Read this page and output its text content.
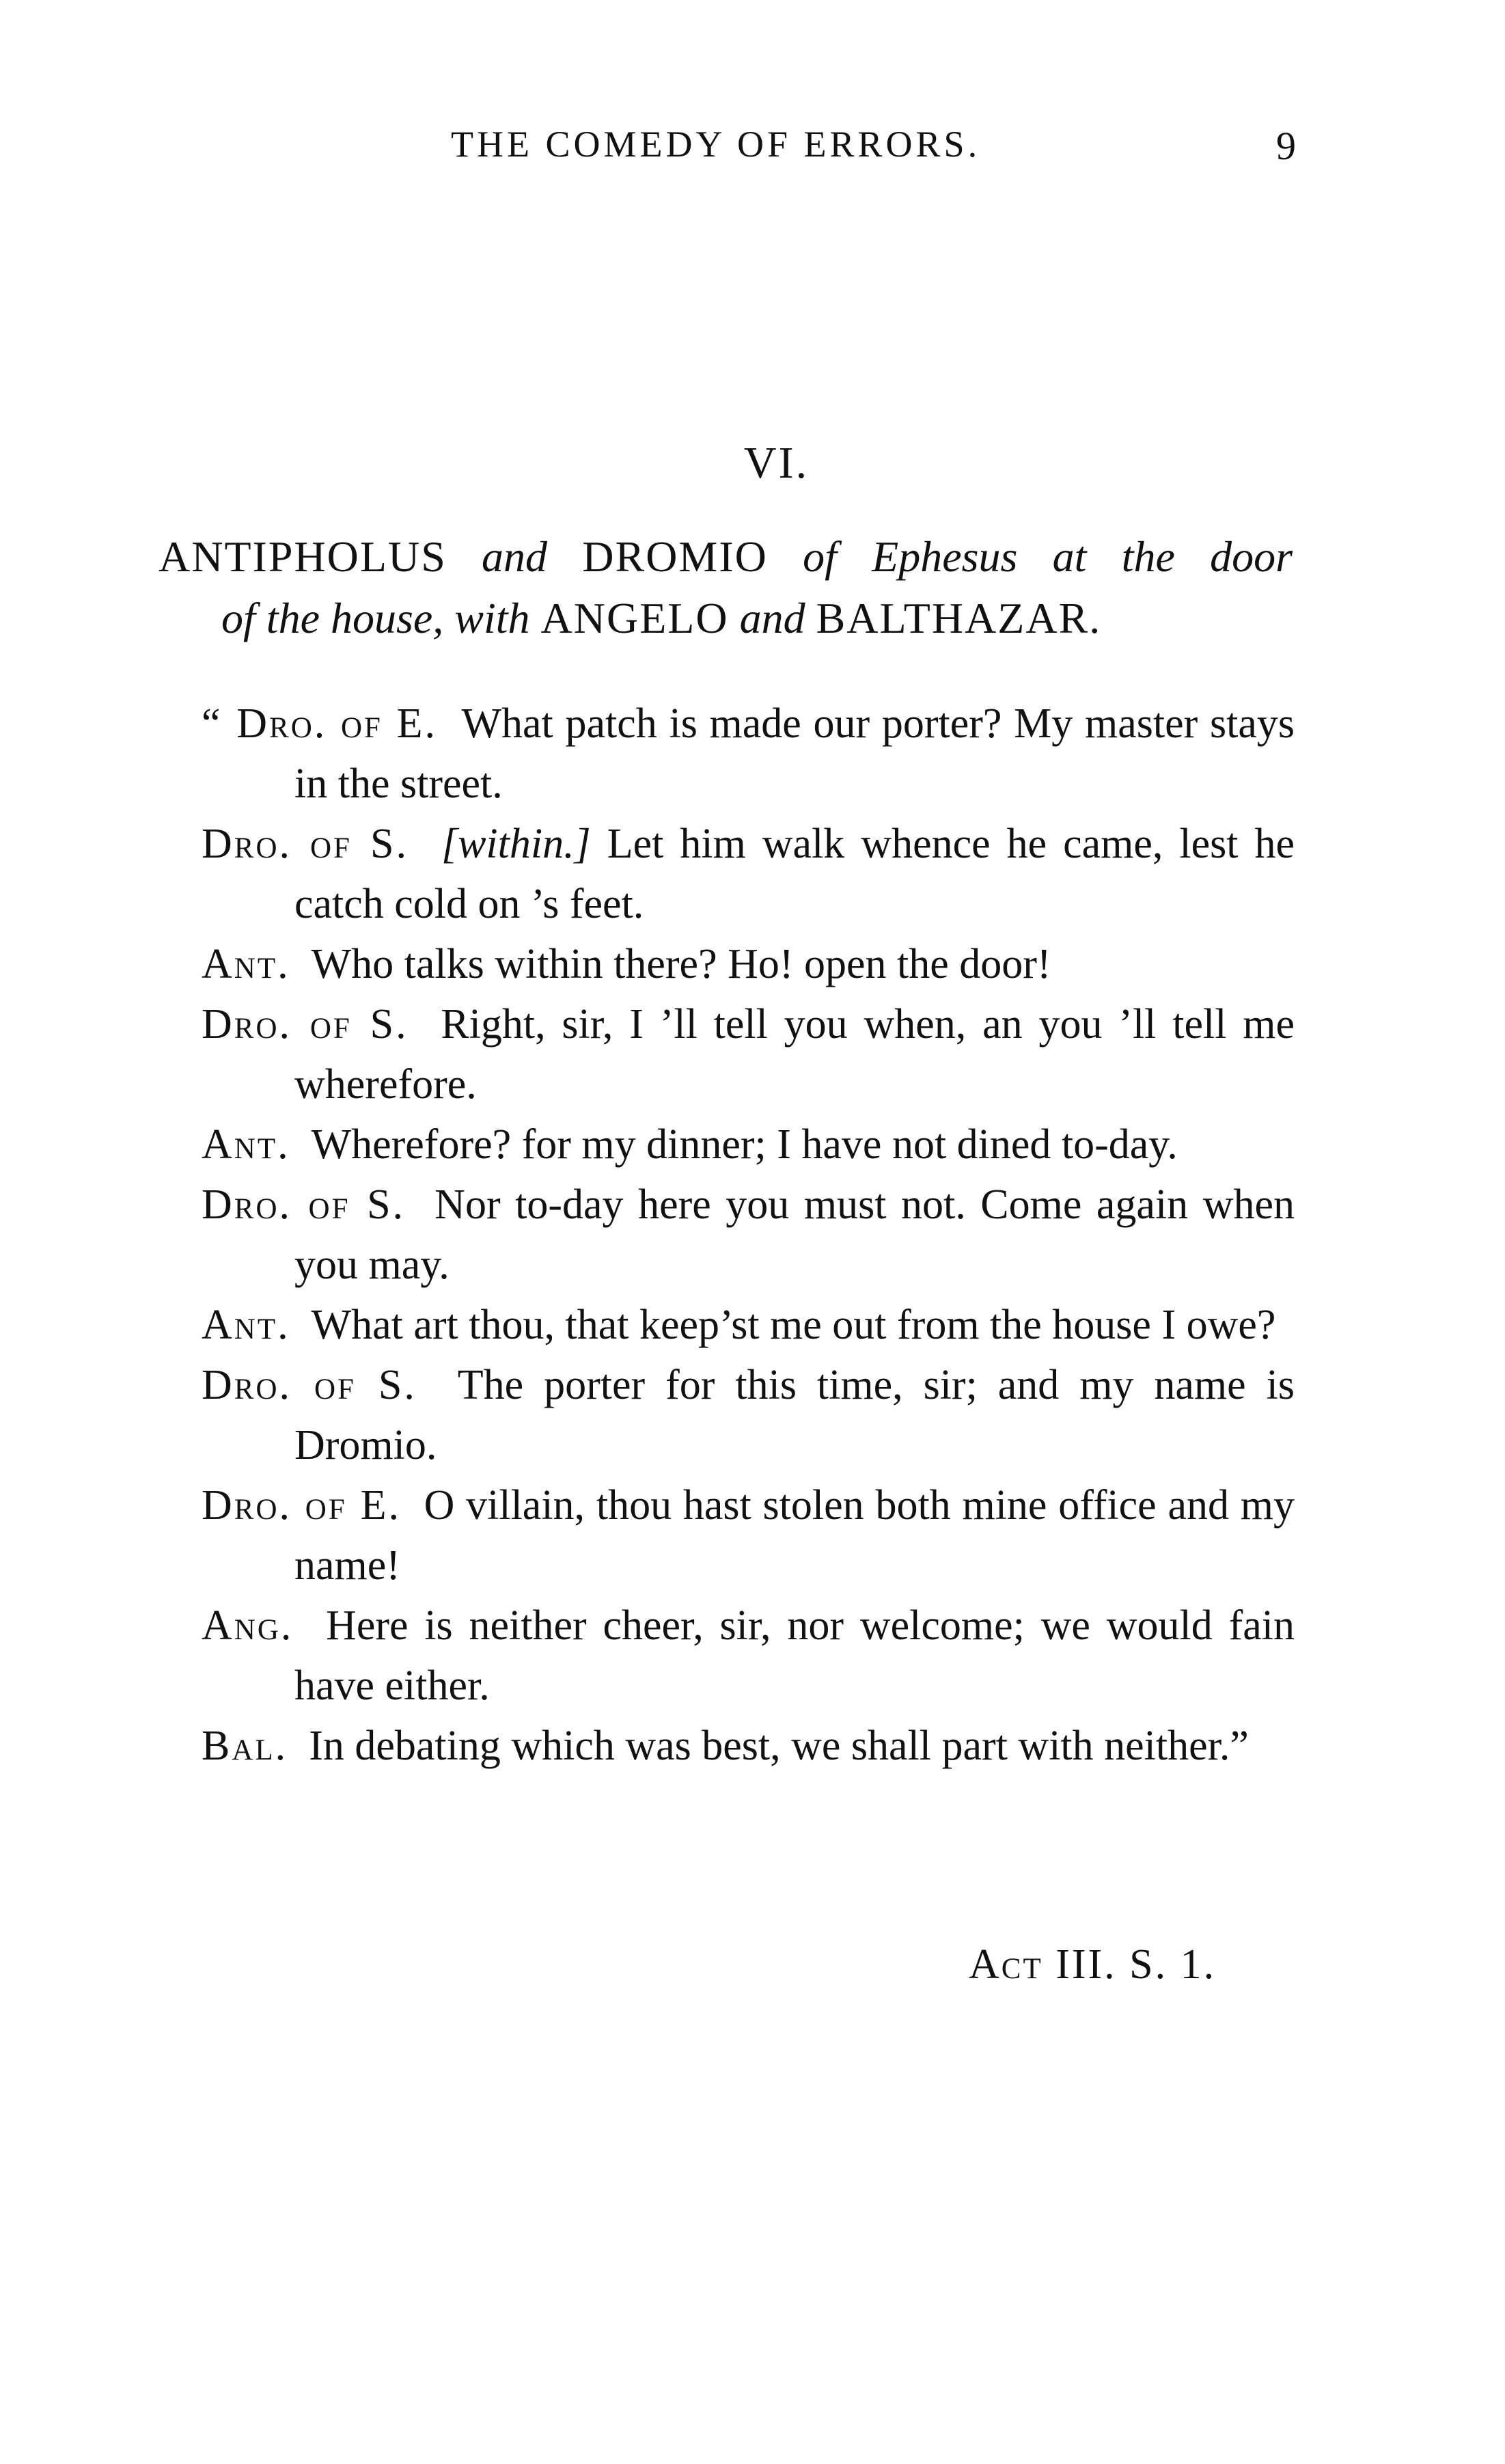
THE COMEDY OF ERRORS.	9
VI.
ANTIPHOLUS and DROMIO of Ephesus at the door
of the house, with ANGELO and BALTHAZAR.

“ Dro. of E. What patch is made our porter? My master stays in the street.

Dro. of S. [within.] Let him walk whence he came, lest he catch cold on ’s feet.

Ant. Who talks within there? Ho! open the door!

Dro. of S. Right, sir, I ’ll tell you when, an you ’ll tell me wherefore.

Ant. Wherefore? for my dinner; I have not dined to-day.

Dro. of S. Nor to-day here you must not. Come again when you may.

Ant. What art thou, that keep’st me out from the house I owe?

Dro. of S. The porter for this time, sir; and my name is Dromio.

Dro. of E. O villain, thou hast stolen both mine office and my name!

Ang. Here is neither cheer, sir, nor welcome; we would fain have either.

Bal. In debating which was best, we shall part with neither.”

Act III. S. 1.
